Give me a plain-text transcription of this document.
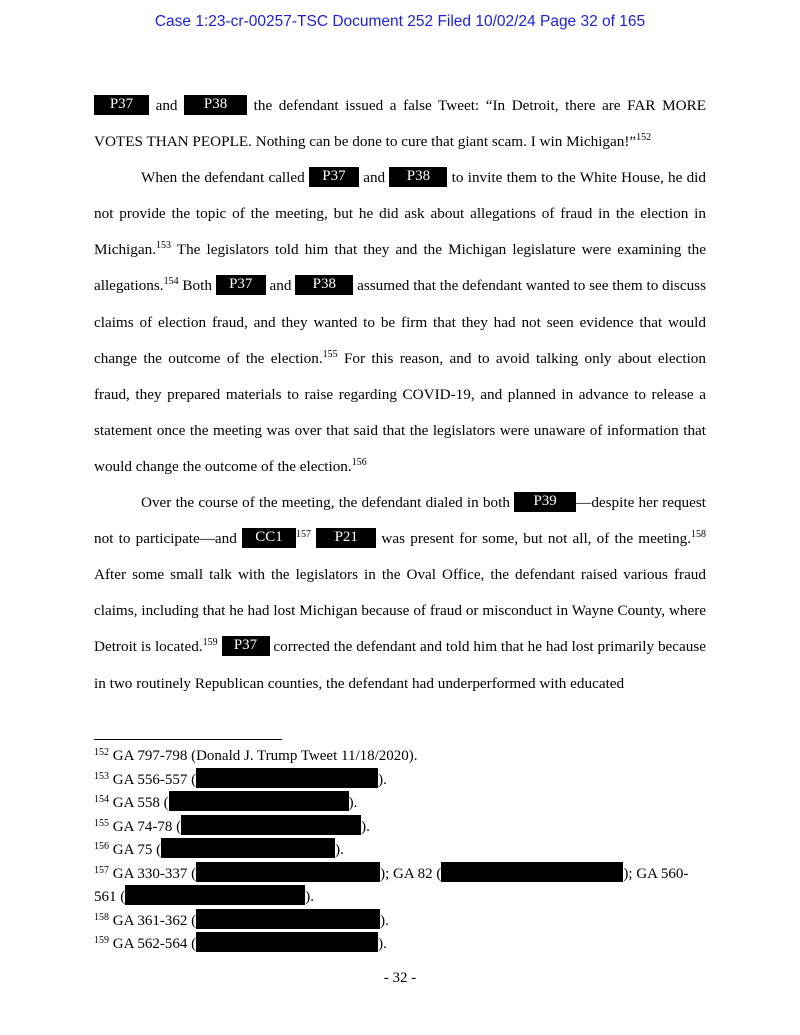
Case 1:23-cr-00257-TSC Document 252 Filed 10/02/24 Page 32 of 165

P37 and P38 the defendant issued a false Tweet: “In Detroit, there are FAR MORE VOTES THAN PEOPLE. Nothing can be done to cure that giant scam. I win Michigan!”$^{152}$

When the defendant called P37 and P38 to invite them to the White House, he did not provide the topic of the meeting, but he did ask about allegations of fraud in the election in Michigan.$^{153}$ The legislators told him that they and the Michigan legislature were examining the allegations.$^{154}$ Both P37 and P38 assumed that the defendant wanted to see them to discuss claims of election fraud, and they wanted to be firm that they had not seen evidence that would change the outcome of the election.$^{155}$ For this reason, and to avoid talking only about election fraud, they prepared materials to raise regarding COVID-19, and planned in advance to release a statement once the meeting was over that said that the legislators were unaware of information that would change the outcome of the election.$^{156}$

Over the course of the meeting, the defendant dialed in both P39 —despite her request not to participate—and CC1 $^{157}$ P21 was present for some, but not all, of the meeting.$^{158}$ After some small talk with the legislators in the Oval Office, the defendant raised various fraud claims, including that he had lost Michigan because of fraud or misconduct in Wayne County, where Detroit is located.$^{159}$ P37 corrected the defendant and told him that he had lost primarily because in two routinely Republican counties, the defendant had underperformed with educated

$^{152}$ GA 797-798 (Donald J. Trump Tweet 11/18/2020).
$^{153}$ GA 556-557 (	).
$^{154}$ GA 558 (	).
$^{155}$ GA 74-78 (	).
$^{156}$ GA 75 (	).
$^{157}$ GA 330-337 (	); GA 82 (	); GA 560-
561 (	).
$^{158}$ GA 361-362 (	).
$^{159}$ GA 562-564 (	).
- 32 -
